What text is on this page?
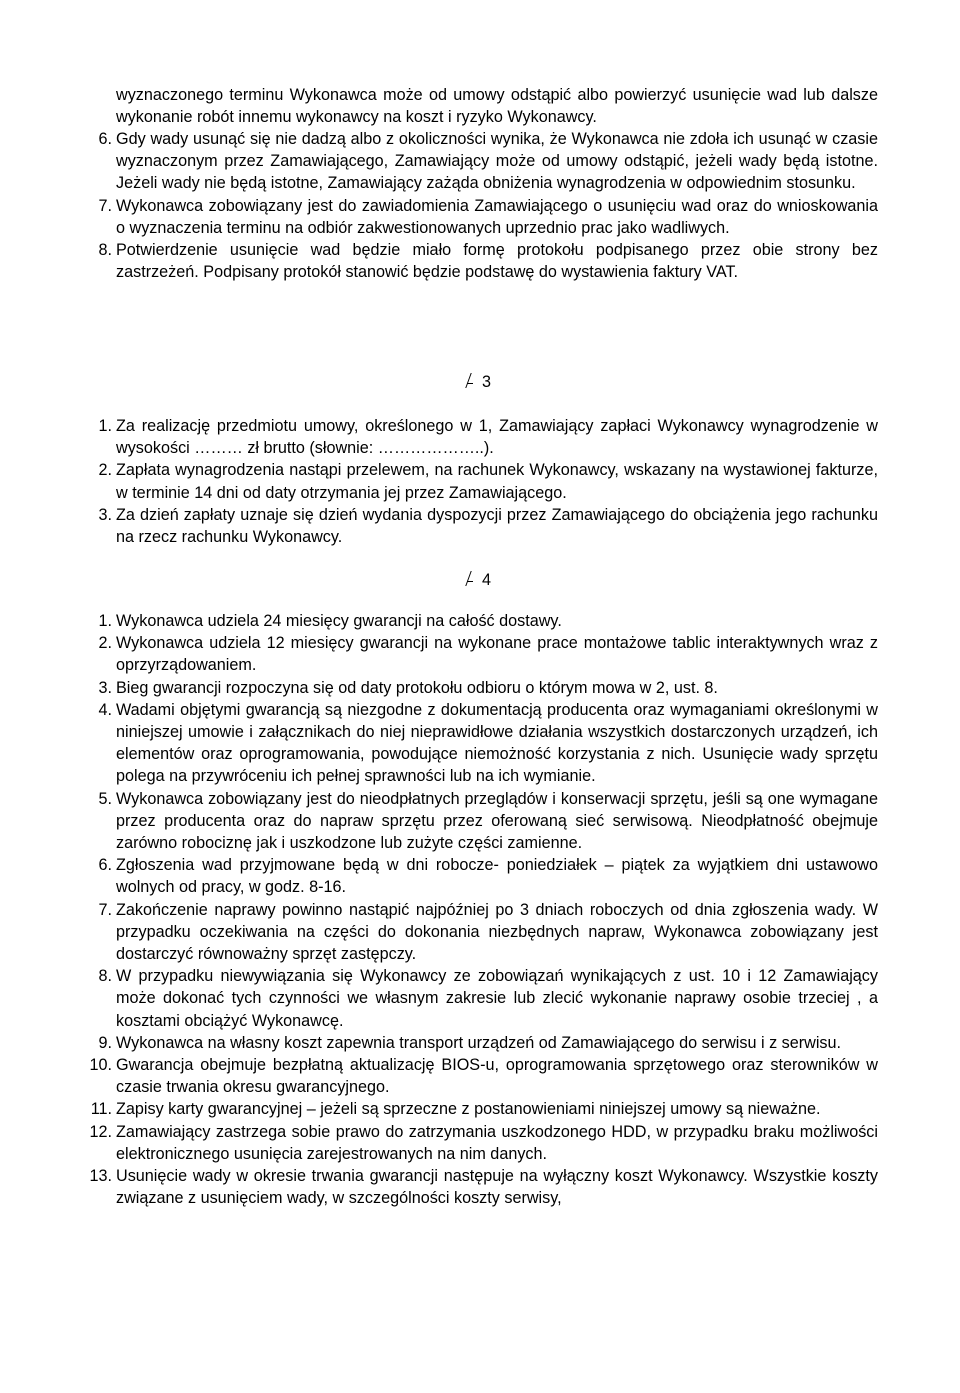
wyznaczonego terminu Wykonawca może od umowy odstąpić albo powierzyć usunięcie wad lub dalsze wykonanie robót innemu wykonawcy na koszt i ryzyko Wykonawcy.
6. Gdy wady usunąć się nie dadzą albo z okoliczności wynika, że Wykonawca nie zdoła ich usunąć w czasie wyznaczonym przez Zamawiającego, Zamawiający może od umowy odstąpić, jeżeli wady będą istotne. Jeżeli wady nie będą istotne, Zamawiający zażąda obniżenia wynagrodzenia w odpowiednim stosunku.
7. Wykonawca zobowiązany jest do zawiadomienia Zamawiającego o usunięciu wad oraz do wnioskowania o wyznaczenia terminu na odbiór zakwestionowanych uprzednio prac jako wadliwych.
8. Potwierdzenie usunięcie wad będzie miało formę protokołu podpisanego przez obie strony bez zastrzeżeń. Podpisany protokół stanowić będzie podstawę do wystawienia faktury VAT.
3
1. Za realizację przedmiotu umowy, określonego w 1, Zamawiający zapłaci Wykonawcy wynagrodzenie w wysokości ……… zł brutto (słownie: ………………..).
2. Zapłata wynagrodzenia nastąpi przelewem, na rachunek Wykonawcy, wskazany na wystawionej fakturze, w terminie 14 dni od daty otrzymania jej przez Zamawiającego.
3. Za dzień zapłaty uznaje się dzień wydania dyspozycji przez Zamawiającego do obciążenia jego rachunku na rzecz rachunku Wykonawcy.
4
1. Wykonawca udziela 24 miesięcy gwarancji na całość dostawy.
2. Wykonawca udziela 12 miesięcy gwarancji na wykonane prace montażowe tablic interaktywnych wraz z oprzyrządowaniem.
3. Bieg gwarancji rozpoczyna się od daty protokołu odbioru o którym mowa w 2, ust. 8.
4. Wadami objętymi gwarancją są niezgodne z dokumentacją producenta oraz wymaganiami określonymi w niniejszej umowie i załącznikach do niej nieprawidłowe działania wszystkich dostarczonych urządzeń, ich elementów oraz oprogramowania, powodujące niemożność korzystania z nich. Usunięcie wady sprzętu polega na przywróceniu ich pełnej sprawności lub na ich wymianie.
5. Wykonawca zobowiązany jest do nieodpłatnych przeglądów i konserwacji sprzętu, jeśli są one wymagane przez producenta oraz do napraw sprzętu przez oferowaną sieć serwisową. Nieodpłatność obejmuje zarówno robociznę jak i uszkodzone lub zużyte części zamienne.
6. Zgłoszenia wad przyjmowane będą w dni robocze- poniedziałek – piątek za wyjątkiem dni ustawowo wolnych od pracy, w godz. 8-16.
7. Zakończenie naprawy powinno nastąpić najpóźniej po 3 dniach roboczych od dnia zgłoszenia wady. W przypadku oczekiwania na części do dokonania niezbędnych napraw, Wykonawca zobowiązany jest dostarczyć równoważny sprzęt zastępczy.
8. W przypadku niewywiązania się Wykonawcy ze zobowiązań wynikających z ust. 10 i 12 Zamawiający może dokonać tych czynności we własnym zakresie lub zlecić wykonanie naprawy osobie trzeciej , a kosztami obciążyć Wykonawcę.
9. Wykonawca na własny koszt zapewnia transport urządzeń od Zamawiającego do serwisu i z serwisu.
10. Gwarancja obejmuje bezpłatną aktualizację BIOS-u, oprogramowania sprzętowego oraz sterowników w czasie trwania okresu gwarancyjnego.
11. Zapisy karty gwarancyjnej – jeżeli są sprzeczne z postanowieniami niniejszej umowy są nieważne.
12. Zamawiający zastrzega sobie prawo do zatrzymania uszkodzonego HDD, w przypadku braku możliwości elektronicznego usunięcia zarejestrowanych na nim danych.
13. Usunięcie wady w okresie trwania gwarancji następuje na wyłączny koszt Wykonawcy. Wszystkie koszty związane z usunięciem wady, w szczególności koszty serwisy,
